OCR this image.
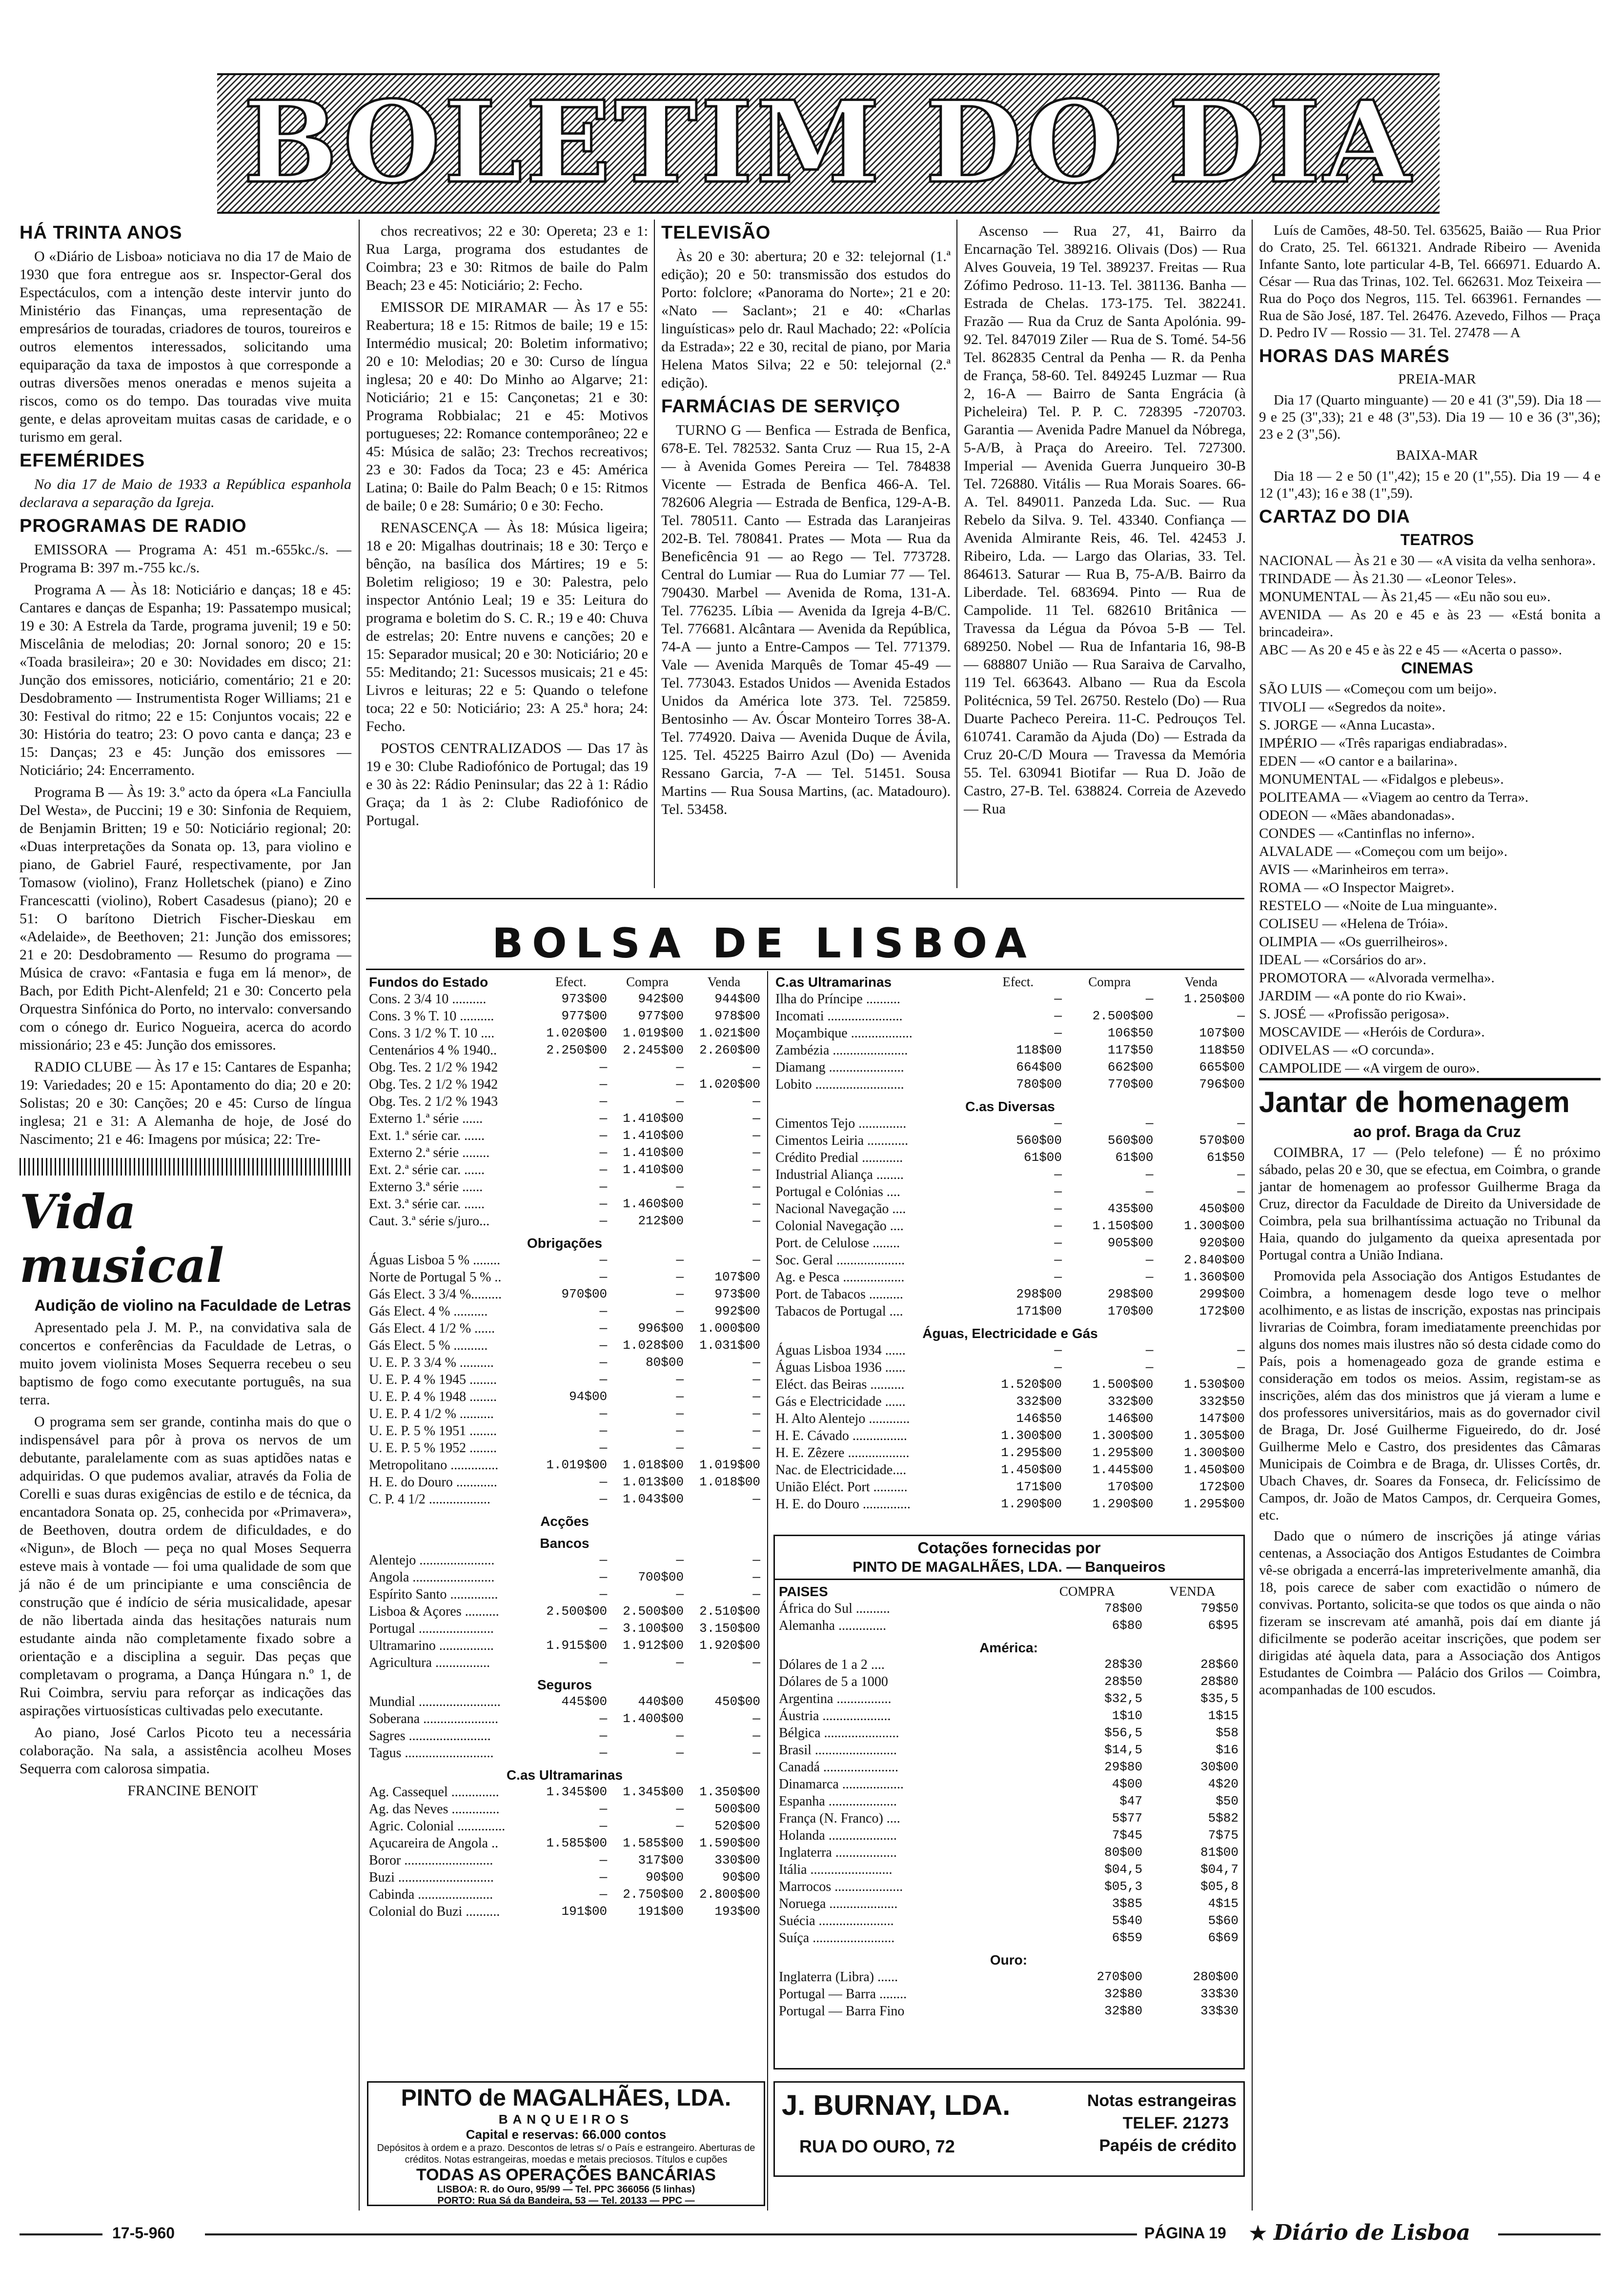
BOLETIM DO DIA

HÁ TRINTA ANOS

O «Diário de Lisboa» noticiava no dia 17 de Maio de 1930 que fora entregue aos sr. Inspector-Geral dos Espectáculos, com a intenção deste intervir junto do Ministério das Finanças, uma representação de empresários de touradas, criadores de touros, toureiros e outros elementos interessados, solicitando uma equiparação da taxa de impostos à que corresponde a outras diversões menos oneradas e menos sujeita a riscos, como os do tempo. Das touradas vive muita gente, e delas aproveitam muitas casas de caridade, e o turismo em geral.

EFEMÉRIDES

No dia 17 de Maio de 1933 a República espanhola declarava a separação da Igreja.

PROGRAMAS DE RADIO

EMISSORA — Programa A: 451 m.-655kc./s. — Programa B: 397 m.-755 kc./s.

Programa A — Às 18: Noticiário e danças; 18 e 45: Cantares e danças de Espanha; 19: Passatempo musical; 19 e 30: A Estrela da Tarde, programa juvenil; 19 e 50: Miscelânia de melodias; 20: Jornal sonoro; 20 e 15: «Toada brasileira»; 20 e 30: Novidades em disco; 21: Junção dos emissores, noticiário, comentário; 21 e 20: Desdobramento — Instrumentista Roger Williams; 21 e 30: Festival do ritmo; 22 e 15: Conjuntos vocais; 22 e 30: História do teatro; 23: O povo canta e dança; 23 e 15: Danças; 23 e 45: Junção dos emissores — Noticiário; 24: Encerramento.

Programa B — Às 19: 3.º acto da ópera «La Fanciulla Del Westa», de Puccini; 19 e 30: Sinfonia de Requiem, de Benjamin Britten; 19 e 50: Noticiário regional; 20: «Duas interpretações da Sonata op. 13, para violino e piano, de Gabriel Fauré, respectivamente, por Jan Tomasow (violino), Franz Holletschek (piano) e Zino Francescatti (violino), Robert Casadesus (piano); 20 e 51: O barítono Dietrich Fischer-Dieskau em «Adelaide», de Beethoven; 21: Junção dos emissores; 21 e 20: Desdobramento — Resumo do programa — Música de cravo: «Fantasia e fuga em lá menor», de Bach, por Edith Picht-Alenfeld; 21 e 30: Concerto pela Orquestra Sinfónica do Porto, no intervalo: conversando com o cónego dr. Eurico Nogueira, acerca do acordo missionário; 23 e 45: Junção dos emissores.

RADIO CLUBE — Às 17 e 15: Cantares de Espanha; 19: Variedades; 20 e 15: Apontamento do dia; 20 e 20: Solistas; 20 e 30: Canções; 20 e 45: Curso de língua inglesa; 21 e 31: A Alemanha de hoje, de José do Nascimento; 21 e 46: Imagens por música; 22: Tre-

Vida musical

Audição de violino na Faculdade de Letras

Apresentado pela J. M. P., na convidativa sala de concertos e conferências da Faculdade de Letras, o muito jovem violinista Moses Sequerra recebeu o seu baptismo de fogo como executante português, na sua terra.

O programa sem ser grande, continha mais do que o indispensável para pôr à prova os nervos de um debutante, paralelamente com as suas aptidões natas e adquiridas. O que pudemos avaliar, através da Folia de Corelli e suas duras exigências de estilo e de técnica, da encantadora Sonata op. 25, conhecida por «Primavera», de Beethoven, doutra ordem de dificuldades, e do «Nigun», de Bloch — peça no qual Moses Sequerra esteve mais à vontade — foi uma qualidade de som que já não é de um principiante e uma consciência de construção que é indício de séria musicalidade, apesar de não libertada ainda das hesitações naturais num estudante ainda não completamente fixado sobre a orientação e a disciplina a seguir. Das peças que completavam o programa, a Dança Húngara n.º 1, de Rui Coimbra, serviu para reforçar as indicações das aspirações virtuosísticas cultivadas pelo executante.

Ao piano, José Carlos Picoto teu a necessária colaboração. Na sala, a assistência acolheu Moses Sequerra com calorosa simpatia.

FRANCINE BENOIT

chos recreativos; 22 e 30: Opereta; 23 e 1: Rua Larga, programa dos estudantes de Coimbra; 23 e 30: Ritmos de baile do Palm Beach; 23 e 45: Noticiário; 2: Fecho.

EMISSOR DE MIRAMAR — Às 17 e 55: Reabertura; 18 e 15: Ritmos de baile; 19 e 15: Intermédio musical; 20: Boletim informativo; 20 e 10: Melodias; 20 e 30: Curso de língua inglesa; 20 e 40: Do Minho ao Algarve; 21: Noticiário; 21 e 15: Cançonetas; 21 e 30: Programa Robbialac; 21 e 45: Motivos portugueses; 22: Romance contemporâneo; 22 e 45: Música de salão; 23: Trechos recreativos; 23 e 30: Fados da Toca; 23 e 45: América Latina; 0: Baile do Palm Beach; 0 e 15: Ritmos de baile; 0 e 28: Sumário; 0 e 30: Fecho.

RENASCENÇA — Às 18: Música ligeira; 18 e 20: Migalhas doutrinais; 18 e 30: Terço e bênção, na basílica dos Mártires; 19 e 5: Boletim religioso; 19 e 30: Palestra, pelo inspector António Leal; 19 e 35: Leitura do programa e boletim do S. C. R.; 19 e 40: Chuva de estrelas; 20: Entre nuvens e canções; 20 e 15: Separador musical; 20 e 30: Noticiário; 20 e 55: Meditando; 21: Sucessos musicais; 21 e 45: Livros e leituras; 22 e 5: Quando o telefone toca; 22 e 50: Noticiário; 23: A 25.ª hora; 24: Fecho.

POSTOS CENTRALIZADOS — Das 17 às 19 e 30: Clube Radiofónico de Portugal; das 19 e 30 às 22: Rádio Peninsular; das 22 à 1: Rádio Graça; da 1 às 2: Clube Radiofónico de Portugal.

TELEVISÃO

Às 20 e 30: abertura; 20 e 32: telejornal (1.ª edição); 20 e 50: transmissão dos estudos do Porto: folclore; «Panorama do Norte»; 21 e 20: «Nato — Saclant»; 21 e 40: «Charlas linguísticas» pelo dr. Raul Machado; 22: «Polícia da Estrada»; 22 e 30, recital de piano, por Maria Helena Matos Silva; 22 e 50: telejornal (2.ª edição).

FARMÁCIAS DE SERVIÇO

TURNO G — Benfica — Estrada de Benfica, 678-E. Tel. 782532. Santa Cruz — Rua 15, 2-A — à Avenida Gomes Pereira — Tel. 784838 Vicente — Estrada de Benfica 466-A. Tel. 782606 Alegria — Estrada de Benfica, 129-A-B. Tel. 780511. Canto — Estrada das Laranjeiras 202-B. Tel. 780841. Prates — Mota — Rua da Beneficência 91 — ao Rego — Tel. 773728. Central do Lumiar — Rua do Lumiar 77 — Tel. 790430. Marbel — Avenida de Roma, 131-A. Tel. 776235. Líbia — Avenida da Igreja 4-B/C. Tel. 776681. Alcântara — Avenida da República, 74-A — junto a Entre-Campos — Tel. 771379. Vale — Avenida Marquês de Tomar 45-49 — Tel. 773043. Estados Unidos — Avenida Estados Unidos da América lote 373. Tel. 725859. Bentosinho — Av. Óscar Monteiro Torres 38-A. Tel. 774920. Daiva — Avenida Duque de Ávila, 125. Tel. 45225 Bairro Azul (Do) — Avenida Ressano Garcia, 7-A — Tel. 51451. Sousa Martins — Rua Sousa Martins, (ac. Matadouro). Tel. 53458.

Ascenso — Rua 27, 41, Bairro da Encarnação Tel. 389216. Olivais (Dos) — Rua Alves Gouveia, 19 Tel. 389237. Freitas — Rua Zófimo Pedroso. 11-13. Tel. 381136. Banha — Estrada de Chelas. 173-175. Tel. 382241. Frazão — Rua da Cruz de Santa Apolónia. 99-92. Tel. 847019 Ziler — Rua de S. Tomé. 54-56 Tel. 862835 Central da Penha — R. da Penha de França, 58-60. Tel. 849245 Luzmar — Rua 2, 16-A — Bairro de Santa Engrácia (à Picheleira) Tel. P. P. C. 728395 -720703. Garantia — Avenida Padre Manuel da Nóbrega, 5-A/B, à Praça do Areeiro. Tel. 727300. Imperial — Avenida Guerra Junqueiro 30-B Tel. 726880. Vitális — Rua Morais Soares. 66-A. Tel. 849011. Panzeda Lda. Suc. — Rua Rebelo da Silva. 9. Tel. 43340. Confiança — Avenida Almirante Reis, 46. Tel. 42453 J. Ribeiro, Lda. — Largo das Olarias, 33. Tel. 864613. Saturar — Rua B, 75-A/B. Bairro da Liberdade. Tel. 683694. Pinto — Rua de Campolide. 11 Tel. 682610 Britânica — Travessa da Légua da Póvoa 5-B — Tel. 689250. Nobel — Rua de Infantaria 16, 98-B — 688807 União — Rua Saraiva de Carvalho, 119 Tel. 663643. Albano — Rua da Escola Politécnica, 59 Tel. 26750. Restelo (Do) — Rua Duarte Pacheco Pereira. 11-C. Pedrouços Tel. 610741. Caramão da Ajuda (Do) — Estrada da Cruz 20-C/D Moura — Travessa da Memória 55. Tel. 630941 Biotifar — Rua D. João de Castro, 27-B. Tel. 638824. Correia de Azevedo — Rua

Luís de Camões, 48-50. Tel. 635625, Baião — Rua Prior do Crato, 25. Tel. 661321. Andrade Ribeiro — Avenida Infante Santo, lote particular 4-B, Tel. 666971. Eduardo A. César — Rua das Trinas, 102. Tel. 662631. Moz Teixeira — Rua do Poço dos Negros, 115. Tel. 663961. Fernandes — Rua de São José, 187. Tel. 26476. Azevedo, Filhos — Praça D. Pedro IV — Rossio — 31. Tel. 27478 — A

HORAS DAS MARÉS

PREIA-MAR

Dia 17 (Quarto minguante) — 20 e 41 (3",59). Dia 18 — 9 e 25 (3",33); 21 e 48 (3",53). Dia 19 — 10 e 36 (3",36); 23 e 2 (3",56).

BAIXA-MAR

Dia 18 — 2 e 50 (1",42); 15 e 20 (1",55). Dia 19 — 4 e 12 (1",43); 16 e 38 (1",59).

CARTAZ DO DIA

TEATROS

NACIONAL — Às 21 e 30 — «A visita da velha senhora».

TRINDADE — Às 21.30 — «Leonor Teles».

MONUMENTAL — Às 21,45 — «Eu não sou eu».

AVENIDA — As 20 e 45 e às 23 — «Está bonita a brincadeira».

ABC — As 20 e 45 e às 22 e 45 — «Acerta o passo».

CINEMAS

SÃO LUIS — «Começou com um beijo».

TIVOLI — «Segredos da noite».

S. JORGE — «Anna Lucasta».

IMPÉRIO — «Três raparigas endiabradas».

EDEN — «O cantor e a bailarina».

MONUMENTAL — «Fidalgos e plebeus».

POLITEAMA — «Viagem ao centro da Terra».

ODEON — «Mães abandonadas».

CONDES — «Cantinflas no inferno».

ALVALADE — «Começou com um beijo».

AVIS — «Marinheiros em terra».

ROMA — «O Inspector Maigret».

RESTELO — «Noite de Lua minguante».

COLISEU — «Helena de Tróia».

OLIMPIA — «Os guerrilheiros».

IDEAL — «Corsários do ar».

PROMOTORA — «Alvorada vermelha».

JARDIM — «A ponte do rio Kwai».

S. JOSÉ — «Profissão perigosa».

MOSCAVIDE — «Heróis de Cordura».

ODIVELAS — «O corcunda».

CAMPOLIDE — «A virgem de ouro».

Jantar de homenagem

ao prof. Braga da Cruz

COIMBRA, 17 — (Pelo telefone) — É no próximo sábado, pelas 20 e 30, que se efectua, em Coimbra, o grande jantar de homenagem ao professor Guilherme Braga da Cruz, director da Faculdade de Direito da Universidade de Coimbra, pela sua brilhantíssima actuação no Tribunal da Haia, quando do julgamento da queixa apresentada por Portugal contra a União Indiana.

Promovida pela Associação dos Antigos Estudantes de Coimbra, a homenagem desde logo teve o melhor acolhimento, e as listas de inscrição, expostas nas principais livrarias de Coimbra, foram imediatamente preenchidas por alguns dos nomes mais ilustres não só desta cidade como do País, pois a homenageado goza de grande estima e consideração em todos os meios. Assim, registam-se as inscrições, além das dos ministros que já vieram a lume e dos professores universitários, mais as do governador civil de Braga, Dr. José Guilherme Figueiredo, do dr. José Guilherme Melo e Castro, dos presidentes das Câmaras Municipais de Coimbra e de Braga, dr. Ulisses Cortês, dr. Ubach Chaves, dr. Soares da Fonseca, dr. Felicíssimo de Campos, dr. João de Matos Campos, dr. Cerqueira Gomes, etc.

Dado que o número de inscrições já atinge várias centenas, a Associação dos Antigos Estudantes de Coimbra vê-se obrigada a encerrá-las impreterivelmente amanhã, dia 18, pois carece de saber com exactidão o número de convivas. Portanto, solicita-se que todos os que ainda o não fizeram se inscrevam até amanhã, pois daí em diante já dificilmente se poderão aceitar inscrições, que podem ser dirigidas até àquela data, para a Associação dos Antigos Estudantes de Coimbra — Palácio dos Grilos — Coimbra, acompanhadas de 100 escudos.

BOLSA DE LISBOA
Fundos do Estado	Efect.	Compra	Venda
Cons. 2 3/4 10 ..........	973$00	942$00	944$00
Cons. 3 % T. 10 ..........	977$00	977$00	978$00
Cons. 3 1/2 % T. 10 ....	1.020$00	1.019$00	1.021$00
Centenários 4 % 1940..	2.250$00	2.245$00	2.260$00
Obg. Tes. 2 1/2 % 1942	—	—	—
Obg. Tes. 2 1/2 % 1942	—	—	1.020$00
Obg. Tes. 2 1/2 % 1943	—	—	—
Externo 1.ª série ......	—	1.410$00	—
Ext. 1.ª série car. ......	—	1.410$00	—
Externo 2.ª série ........	—	1.410$00	—
Ext. 2.ª série car. ......	—	1.410$00	—
Externo 3.ª série ......	—	—	—
Ext. 3.ª série car. ......	—	1.460$00	—
Caut. 3.ª série s/juro...	—	212$00	—
Obrigações			
Águas Lisboa 5 % ........	—	—	—
Norte de Portugal 5 % ..	—	—	107$00
Gás Elect. 3 3/4 %.........	970$00	—	973$00
Gás Elect. 4 % ..........	—	—	992$00
Gás Elect. 4 1/2 % ......	—	996$00	1.000$00
Gás Elect. 5 % ..........	—	1.028$00	1.031$00
U. E. P. 3 3/4 % ..........	—	80$00	—
U. E. P. 4 % 1945 ........	—	—	—
U. E. P. 4 % 1948 ........	94$00	—	—
U. E. P. 4 1/2 % ..........	—	—	—
U. E. P. 5 % 1951 ........	—	—	—
U. E. P. 5 % 1952 ........	—	—	—
Metropolitano ..............	1.019$00	1.018$00	1.019$00
H. E. do Douro ............	—	1.013$00	1.018$00
C. P. 4 1/2 ..................	—	1.043$00	—
Acções			
Bancos			
Alentejo ......................	—	—	—
Angola ........................	—	700$00	—
Espírito Santo ..............	—	—	—
Lisboa & Açores ..........	2.500$00	2.500$00	2.510$00
Portugal ......................	—	3.100$00	3.150$00
Ultramarino ................	1.915$00	1.912$00	1.920$00
Agricultura ................	—	—	—
Seguros			
Mundial ........................	445$00	440$00	450$00
Soberana ......................	—	1.400$00	—
Sagres ........................	—	—	—
Tagus ..........................	—	—	—
C.as Ultramarinas			
Ag. Cassequel ..............	1.345$00	1.345$00	1.350$00
Ag. das Neves ..............	—	—	500$00
Agric. Colonial ..............	—	—	520$00
Açucareira de Angola ..	1.585$00	1.585$00	1.590$00
Boror ..........................	—	317$00	330$00
Buzi ............................	—	90$00	90$00
Cabinda ......................	—	2.750$00	2.800$00
Colonial do Buzi ..........	191$00	191$00	193$00
C.as Ultramarinas	Efect.	Compra	Venda
Ilha do Príncipe ..........	—	—	1.250$00
Incomati ......................	—	2.500$00	—
Moçambique ..................	—	106$50	107$00
Zambézia ......................	118$00	117$50	118$50
Diamang ......................	664$00	662$00	665$00
Lobito ..........................	780$00	770$00	796$00
C.as Diversas			
Cimentos Tejo ..............	—	—	—
Cimentos Leiria ............	560$00	560$00	570$00
Crédito Predial ............	61$00	61$00	61$50
Industrial Aliança ........	—	—	—
Portugal e Colónias ....	—	—	—
Nacional Navegação ....	—	435$00	450$00
Colonial Navegação ....	—	1.150$00	1.300$00
Port. de Celulose ........	—	905$00	920$00
Soc. Geral ....................	—	—	2.840$00
Ag. e Pesca ..................	—	—	1.360$00
Port. de Tabacos ..........	298$00	298$00	299$00
Tabacos de Portugal ....	171$00	170$00	172$00
Águas, Electricidade e Gás			
Águas Lisboa 1934 ......	—	—	—
Águas Lisboa 1936 ......	—	—	—
Eléct. das Beiras ..........	1.520$00	1.500$00	1.530$00
Gás e Electricidade ......	332$00	332$00	332$50
H. Alto Alentejo ............	146$50	146$00	147$00
H. E. Cávado ................	1.300$00	1.300$00	1.305$00
H. E. Zêzere ..................	1.295$00	1.295$00	1.300$00
Nac. de Electricidade....	1.450$00	1.445$00	1.450$00
União Eléct. Port ..........	171$00	170$00	172$00
H. E. do Douro ..............	1.290$00	1.290$00	1.295$00
Cotações fornecidas por
PINTO DE MAGALHÃES, LDA. — Banqueiros
PAISES	COMPRA	VENDA
África do Sul ..........	78$00	79$50
Alemanha ..............	6$80	6$95
América:		
Dólares de 1 a 2 ....	28$30	28$60
Dólares de 5 a 1000	28$50	28$80
Argentina ................	$32,5	$35,5
Áustria ....................	1$10	1$15
Bélgica ......................	$56,5	$58
Brasil ........................	$14,5	$16
Canadá ......................	29$80	30$00
Dinamarca ..................	4$00	4$20
Espanha ....................	$47	$50
França (N. Franco) ....	5$77	5$82
Holanda ....................	7$45	7$75
Inglaterra ..................	80$00	81$00
Itália ........................	$04,5	$04,7
Marrocos ....................	$05,3	$05,8
Noruega ....................	3$85	4$15
Suécia ......................	5$40	5$60
Suíça ........................	6$59	6$69
Ouro:		
Inglaterra (Libra) ......	270$00	280$00
Portugal — Barra ........	32$80	33$30
Portugal — Barra Fino	32$80	33$30
PINTO de MAGALHÃES, LDA.
BANQUEIROS
Capital e reservas: 66.000 contos
Depósitos à ordem e a prazo. Descontos de letras s/ o País e estrangeiro. Aberturas de créditos. Notas estrangeiras, moedas e metais preciosos. Títulos e cupões
TODAS AS OPERAÇÕES BANCÁRIAS
LISBOA: R. do Ouro, 95/99 — Tel. PPC 366056 (5 linhas)
PORTO: Rua Sá da Bandeira, 53 — Tel. 20133 — PPC —
J. BURNAY, LDA.
RUA DO OURO, 72
Notas estrangeiras
TELEF. 21273
Papéis de crédito
17-5-960	PÁGINA 19 ★ Diário de Lisboa
